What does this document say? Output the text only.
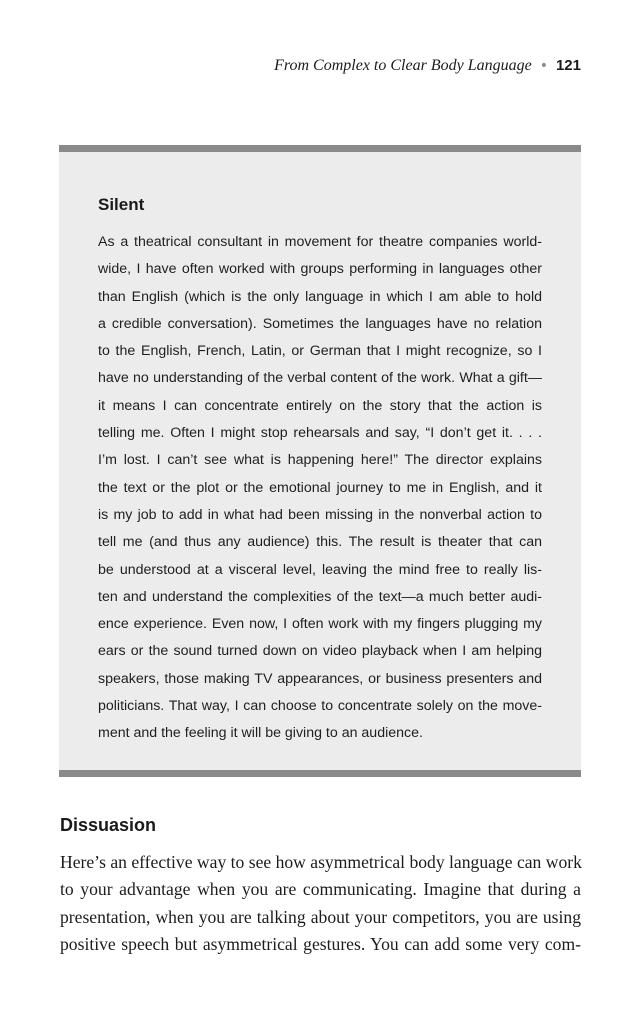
From Complex to Clear Body Language • 121
Silent
As a theatrical consultant in movement for theatre companies world-
wide, I have often worked with groups performing in languages other
than English (which is the only language in which I am able to hold
a credible conversation). Sometimes the languages have no relation
to the English, French, Latin, or German that I might recognize, so I
have no understanding of the verbal content of the work. What a gift—
it means I can concentrate entirely on the story that the action is
telling me. Often I might stop rehearsals and say, “I don’t get it. . . .
I’m lost. I can’t see what is happening here!” The director explains
the text or the plot or the emotional journey to me in English, and it
is my job to add in what had been missing in the nonverbal action to
tell me (and thus any audience) this. The result is theater that can
be understood at a visceral level, leaving the mind free to really lis-
ten and understand the complexities of the text—a much better audi-
ence experience. Even now, I often work with my fingers plugging my
ears or the sound turned down on video playback when I am helping
speakers, those making TV appearances, or business presenters and
politicians. That way, I can choose to concentrate solely on the move-
ment and the feeling it will be giving to an audience.
Dissuasion
Here’s an effective way to see how asymmetrical body language can work
to your advantage when you are communicating. Imagine that during a
presentation, when you are talking about your competitors, you are using
positive speech but asymmetrical gestures. You can add some very com-
